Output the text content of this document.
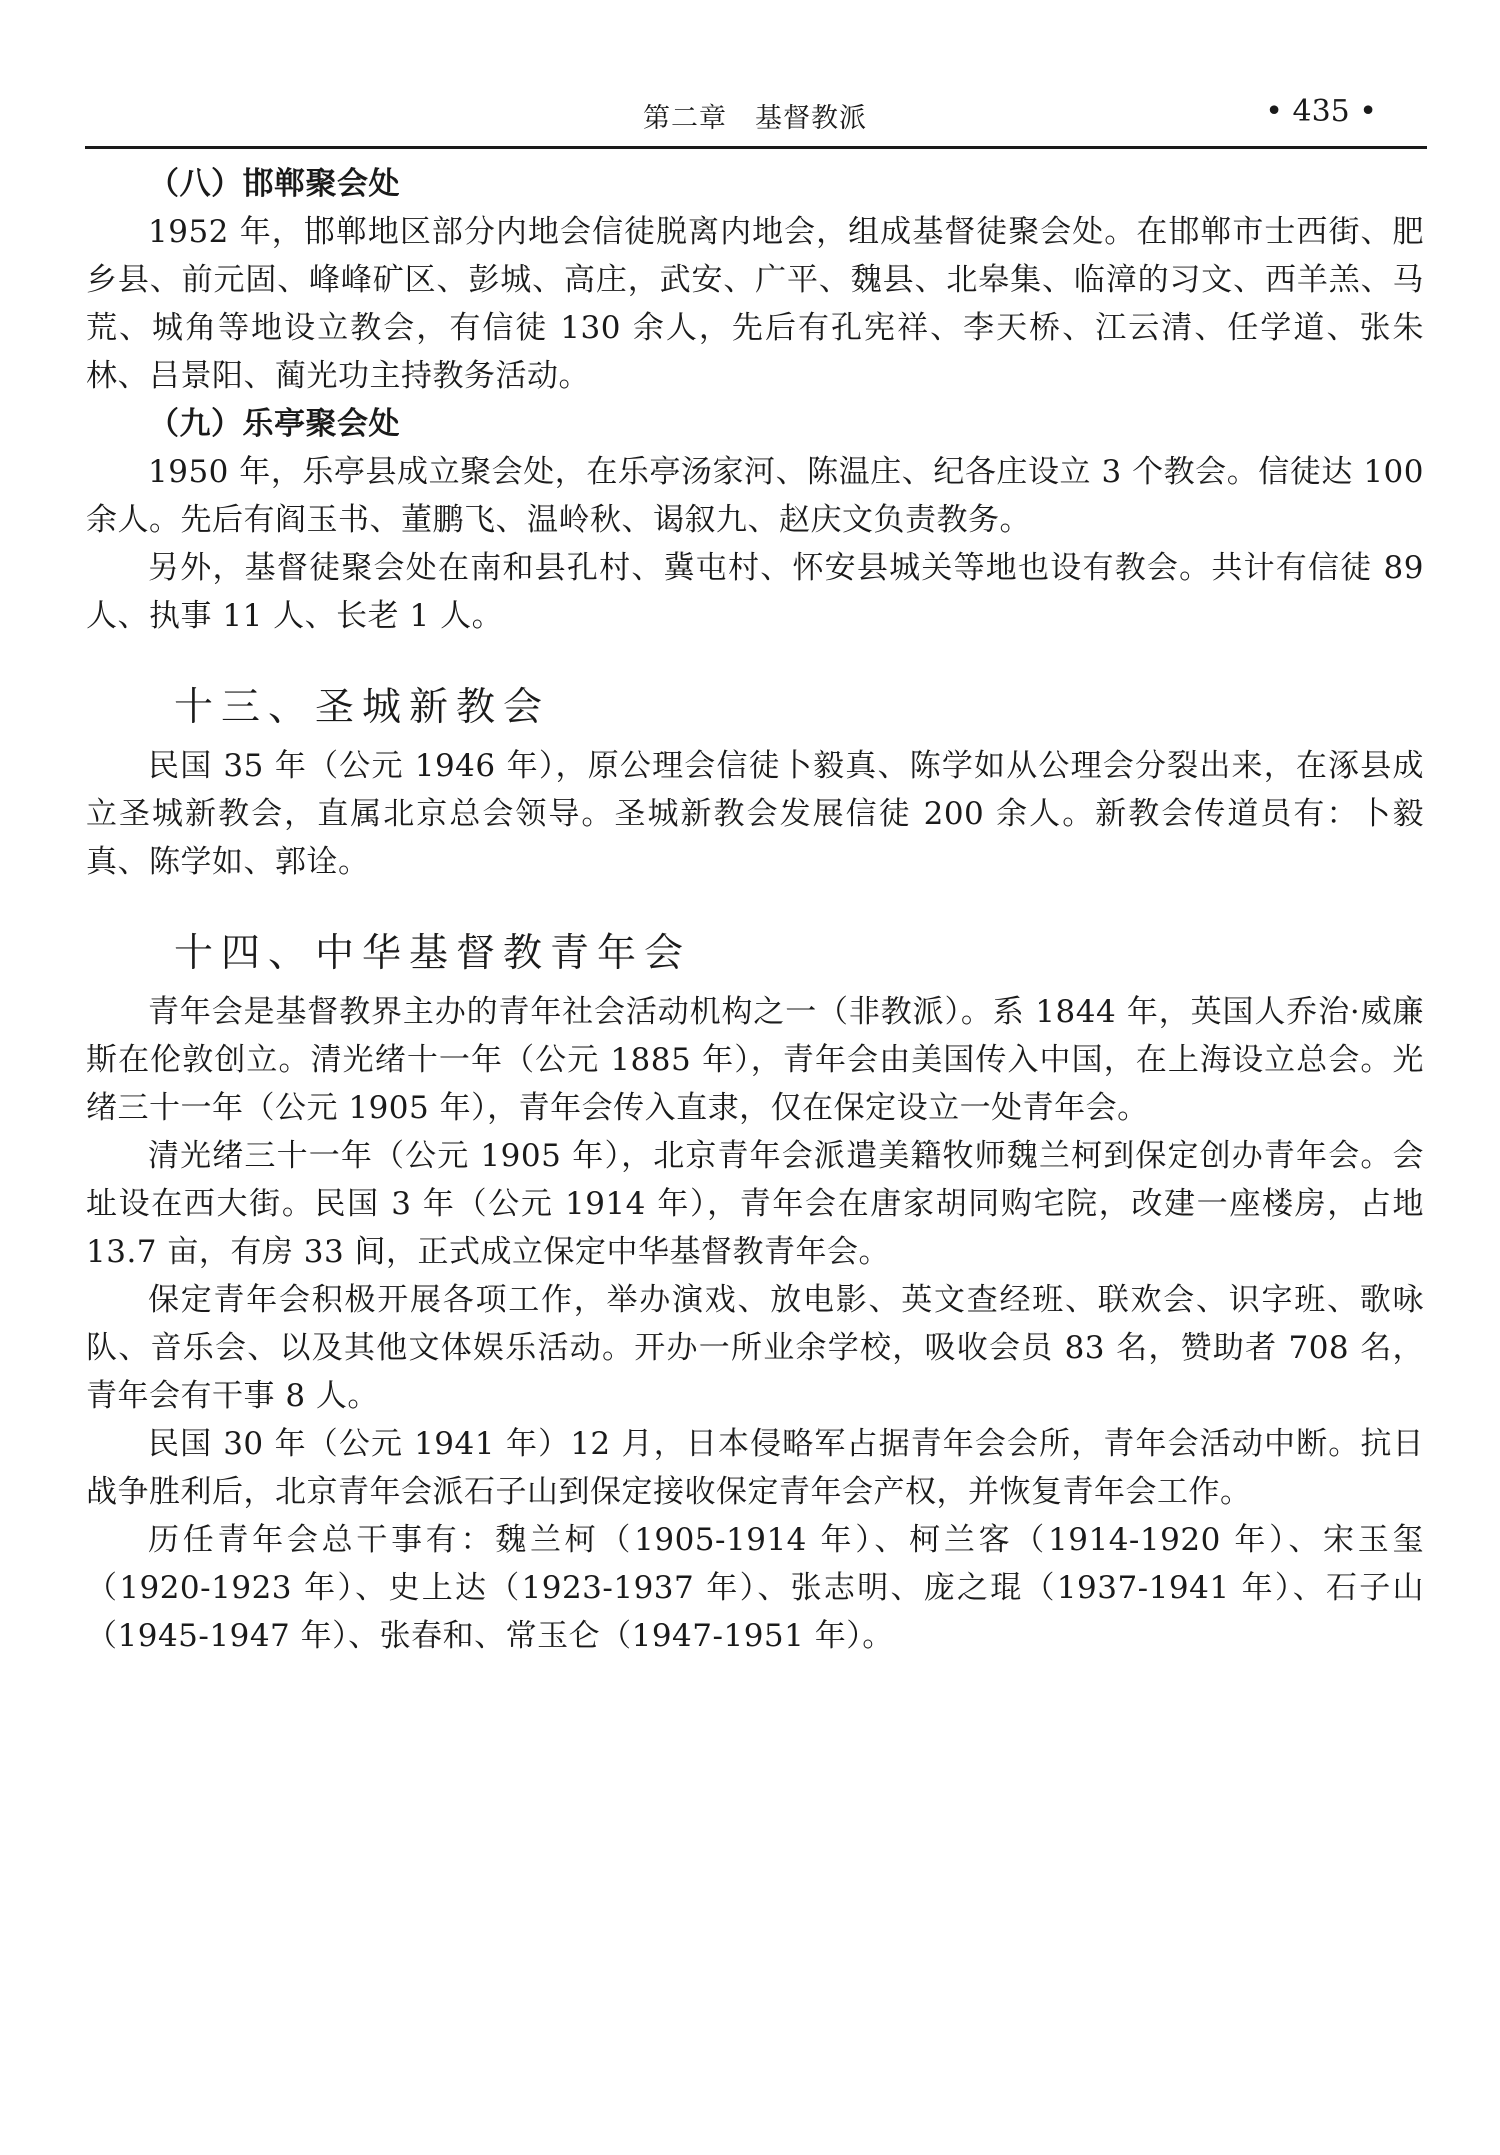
第二章　基督教派	• 435 •

（八）邯郸聚会处

1952 年，邯郸地区部分内地会信徒脱离内地会，组成基督徒聚会处。在邯郸市士西街、肥乡县、前元固、峰峰矿区、彭城、高庄，武安、广平、魏县、北皋集、临漳的习文、西羊羔、马荒、城角等地设立教会，有信徒 130 余人，先后有孔宪祥、李天桥、江云清、任学道、张朱林、吕景阳、蔺光功主持教务活动。

（九）乐亭聚会处

1950 年，乐亭县成立聚会处，在乐亭汤家河、陈温庄、纪各庄设立 3 个教会。信徒达 100 余人。先后有阎玉书、董鹏飞、温岭秋、谒叙九、赵庆文负责教务。

另外，基督徒聚会处在南和县孔村、冀屯村、怀安县城关等地也设有教会。共计有信徒 89 人、执事 11 人、长老 1 人。

十三、圣城新教会

民国 35 年（公元 1946 年），原公理会信徒卜毅真、陈学如从公理会分裂出来，在涿县成立圣城新教会，直属北京总会领导。圣城新教会发展信徒 200 余人。新教会传道员有：卜毅真、陈学如、郭诠。

十四、中华基督教青年会

青年会是基督教界主办的青年社会活动机构之一（非教派）。系 1844 年，英国人乔治·威廉斯在伦敦创立。清光绪十一年（公元 1885 年），青年会由美国传入中国，在上海设立总会。光绪三十一年（公元 1905 年），青年会传入直隶，仅在保定设立一处青年会。

清光绪三十一年（公元 1905 年），北京青年会派遣美籍牧师魏兰柯到保定创办青年会。会址设在西大街。民国 3 年（公元 1914 年），青年会在唐家胡同购宅院，改建一座楼房，占地 13.7 亩，有房 33 间，正式成立保定中华基督教青年会。

保定青年会积极开展各项工作，举办演戏、放电影、英文查经班、联欢会、识字班、歌咏队、音乐会、以及其他文体娱乐活动。开办一所业余学校，吸收会员 83 名，赞助者 708 名，青年会有干事 8 人。

民国 30 年（公元 1941 年）12 月，日本侵略军占据青年会会所，青年会活动中断。抗日战争胜利后，北京青年会派石子山到保定接收保定青年会产权，并恢复青年会工作。

历任青年会总干事有：魏兰柯（1905-1914 年）、柯兰客（1914-1920 年）、宋玉玺（1920-1923 年）、史上达（1923-1937 年）、张志明、庞之琨（1937-1941 年）、石子山（1945-1947 年）、张春和、常玉仑（1947-1951 年）。
